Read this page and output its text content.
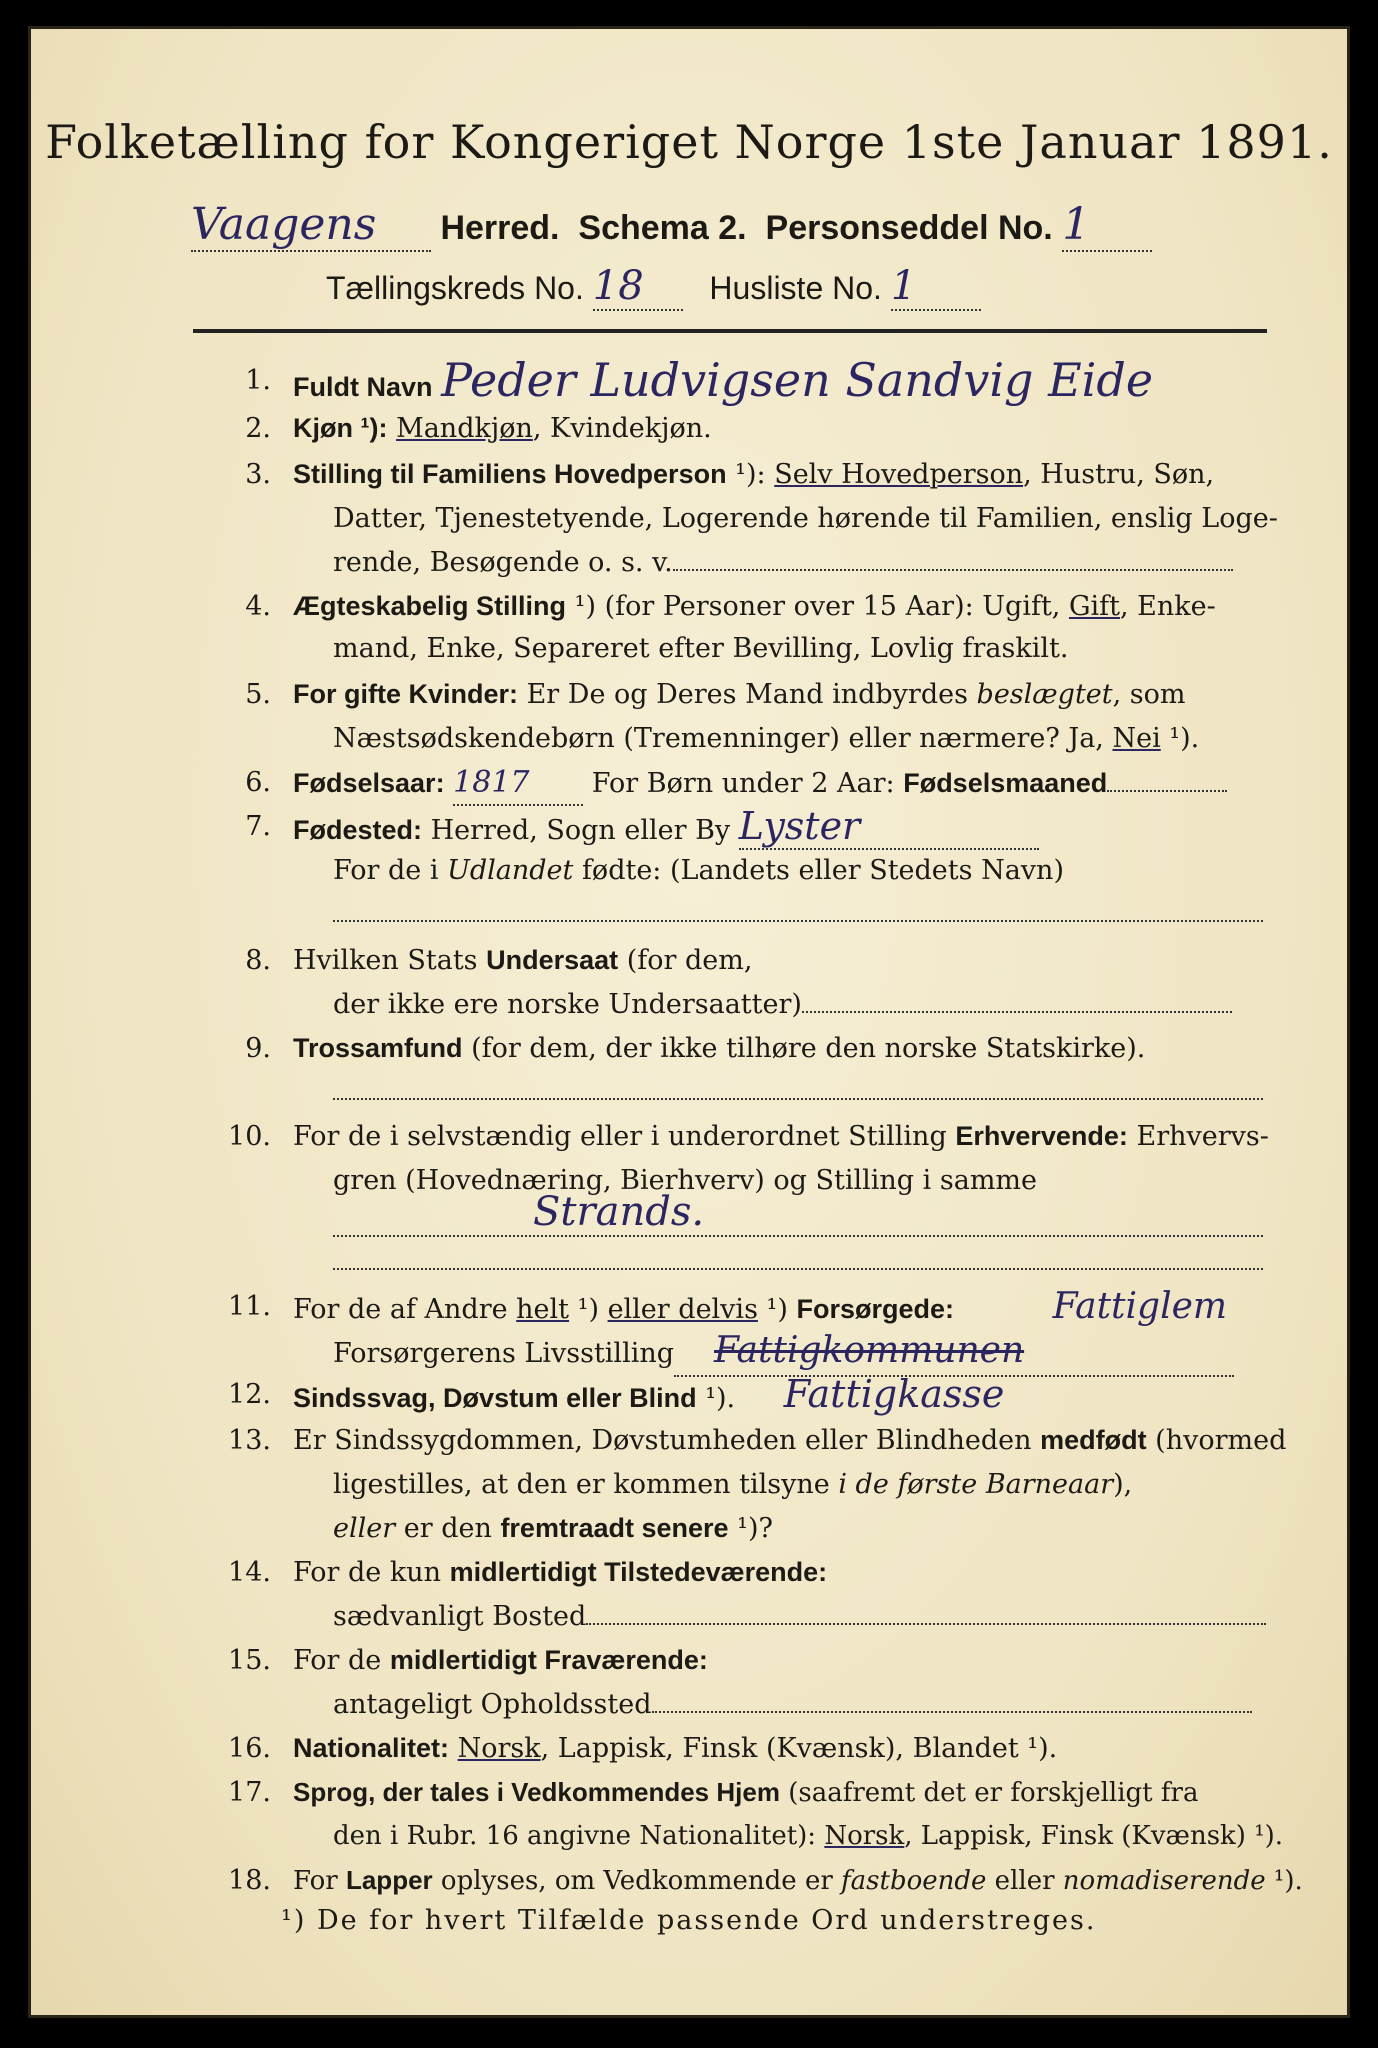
Folketælling for Kongeriget Norge 1ste Januar 1891.
Vaagens Herred. Schema 2. Personseddel No. 1
Tællingskreds No. 18 Husliste No. 1
1. Fuldt Navn Peder Ludvigsen Sandvig Eide
2. Kjøn ¹): Mandkjøn, Kvindekjøn.
3. Stilling til Familiens Hovedperson ¹): Selv Hovedperson, Hustru, Søn,
Datter, Tjenestetyende, Logerende hørende til Familien, enslig Loge-
rende, Besøgende o. s. v.
4. Ægteskabelig Stilling ¹) (for Personer over 15 Aar): Ugift, Gift, Enke-
mand, Enke, Separeret efter Bevilling, Lovlig fraskilt.
5. For gifte Kvinder: Er De og Deres Mand indbyrdes beslægtet, som
Næstsødskendebørn (Tremenninger) eller nærmere? Ja, Nei ¹).
6. Fødselsaar: 1817 For Børn under 2 Aar: Fødselsmaaned
7. Fødested: Herred, Sogn eller By Lyster
For de i Udlandet fødte: (Landets eller Stedets Navn)
8. Hvilken Stats Undersaat (for dem,
der ikke ere norske Undersaatter)
9. Trossamfund (for dem, der ikke tilhøre den norske Statskirke).
10. For de i selvstændig eller i underordnet Stilling Erhvervende: Erhvervs-
gren (Hovednæring, Bierhverv) og Stilling i samme
Strands.
11. For de af Andre helt ¹) eller delvis ¹) Forsørgede:	Fattiglem
Forsørgerens Livsstilling Fattigkommunen
12. Sindssvag, Døvstum eller Blind ¹). Fattigkasse
13. Er Sindssygdommen, Døvstumheden eller Blindheden medfødt (hvormed
ligestilles, at den er kommen tilsyne i de første Barneaar),
eller er den fremtraadt senere ¹)?
14. For de kun midlertidigt Tilstedeværende:
sædvanligt Bosted
15. For de midlertidigt Fraværende:
antageligt Opholdssted
16. Nationalitet: Norsk, Lappisk, Finsk (Kvænsk), Blandet ¹).
17. Sprog, der tales i Vedkommendes Hjem (saafremt det er forskjelligt fra
den i Rubr. 16 angivne Nationalitet): Norsk, Lappisk, Finsk (Kvænsk) ¹).
18. For Lapper oplyses, om Vedkommende er fastboende eller nomadiserende ¹).
¹) De for hvert Tilfælde passende Ord understreges.
